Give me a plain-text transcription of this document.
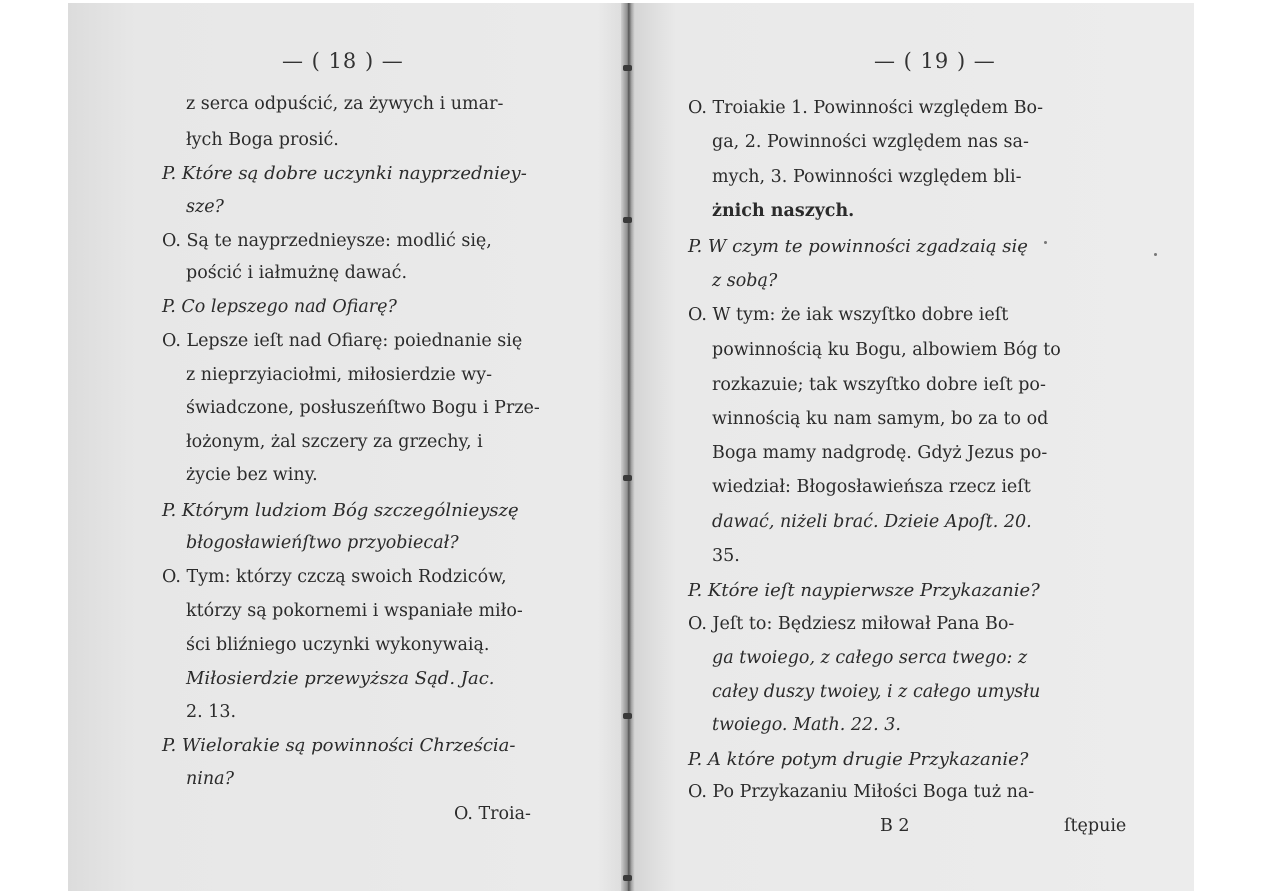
— ( 18 ) —
z serca odpuścić, za żywych i umar-
łych Boga prosić.
P. Które są dobre uczynki nayprzedniey-
sze?
O. Są te nayprzednieysze: modlić się,
pościć i iałmużnę dawać.
P. Co lepszego nad Ofiarę?
O. Lepsze ieſt nad Ofiarę: poiednanie się
z nieprzyiaciołmi, miłosierdzie wy-
świadczone, posłuszeńſtwo Bogu i Prze-
łożonym, żal szczery za grzechy, i
życie bez winy.
P. Którym ludziom Bóg szczególnieyszę
błogosławieńſtwo przyobiecał?
O. Tym: którzy czczą swoich Rodziców,
którzy są pokornemi i wspaniałe miło-
ści bliźniego uczynki wykonywaią.
Miłosierdzie przewyższa Sąd. Jac.
2. 13.
P. Wielorakie są powinności Chrześcia-
nina?
O. Troia-
— ( 19 ) —
O. Troiakie 1. Powinności względem Bo-
ga, 2. Powinności względem nas sa-
mych, 3. Powinności względem bli-
żnich naszych.
P. W czym te powinności zgadzaią się
z sobą?
O. W tym: że iak wszyſtko dobre ieſt
powinnością ku Bogu, albowiem Bóg to
rozkazuie; tak wszyſtko dobre ieſt po-
winnością ku nam samym, bo za to od
Boga mamy nadgrodę. Gdyż Jezus po-
wiedział: Błogosławieńsza rzecz ieſt
dawać, niżeli brać. Dzieie Apoſt. 20.
35.
P. Które ieſt naypierwsze Przykazanie?
O. Jeſt to: Będziesz miłował Pana Bo-
ga twoiego, z całego serca twego: z
całey duszy twoiey, i z całego umysłu
twoiego. Math. 22. 3.
P. A które potym drugie Przykazanie?
O. Po Przykazaniu Miłości Boga tuż na-
B 2	ſtępuie
